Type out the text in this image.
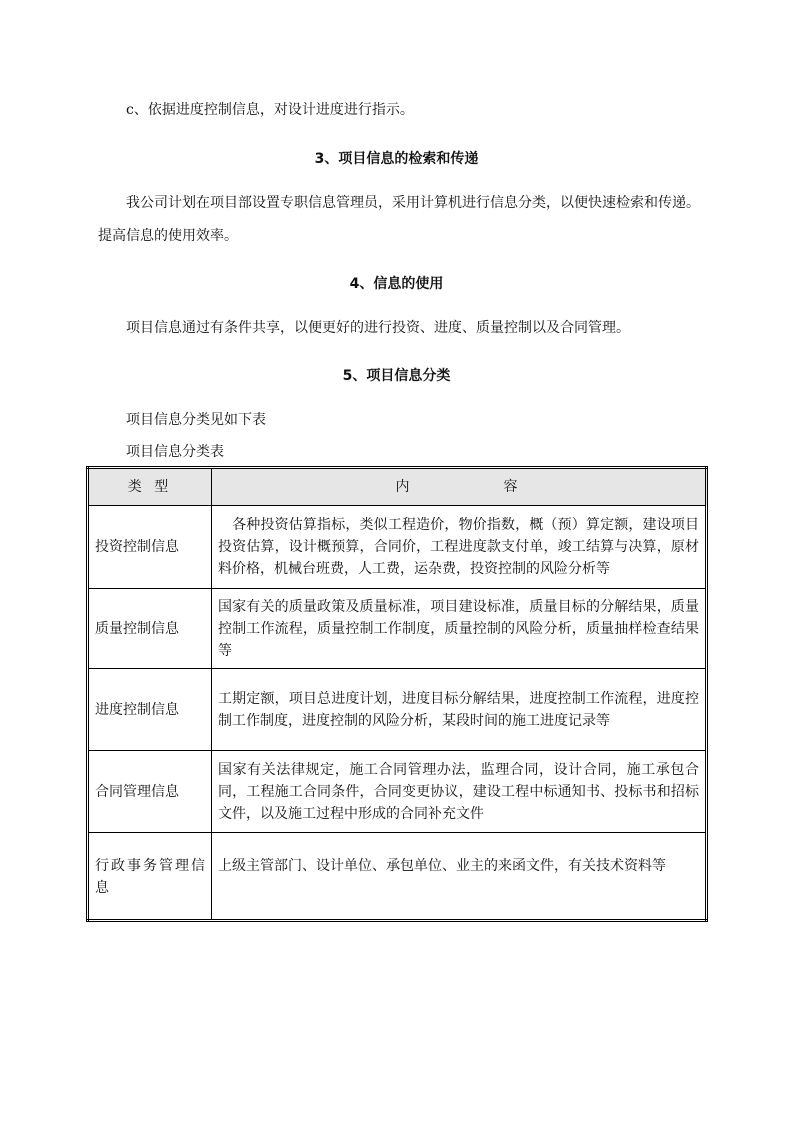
c、依据进度控制信息，对设计进度进行指示。

3、项目信息的检索和传递

我公司计划在项目部设置专职信息管理员，采用计算机进行信息分类，以便快速检索和传递。提高信息的使用效率。

4、信息的使用

项目信息通过有条件共享，以便更好的进行投资、进度、质量控制以及合同管理。

5、项目信息分类

项目信息分类见如下表

项目信息分类表

类 型	内　　　　　容
投资控制信息	　各种投资估算指标，类似工程造价，物价指数，概（预）算定额，建设项目投资估算，设计概预算，合同价，工程进度款支付单，竣工结算与决算，原材料价格，机械台班费，人工费，运杂费，投资控制的风险分析等
质量控制信息	国家有关的质量政策及质量标准，项目建设标准，质量目标的分解结果，质量控制工作流程，质量控制工作制度，质量控制的风险分析，质量抽样检查结果等
进度控制信息	工期定额，项目总进度计划，进度目标分解结果，进度控制工作流程，进度控制工作制度，进度控制的风险分析，某段时间的施工进度记录等
合同管理信息	国家有关法律规定，施工合同管理办法，监理合同，设计合同，施工承包合同，工程施工合同条件，合同变更协议，建设工程中标通知书、投标书和招标文件，以及施工过程中形成的合同补充文件
行政事务管理信息	上级主管部门、设计单位、承包单位、业主的来函文件，有关技术资料等
